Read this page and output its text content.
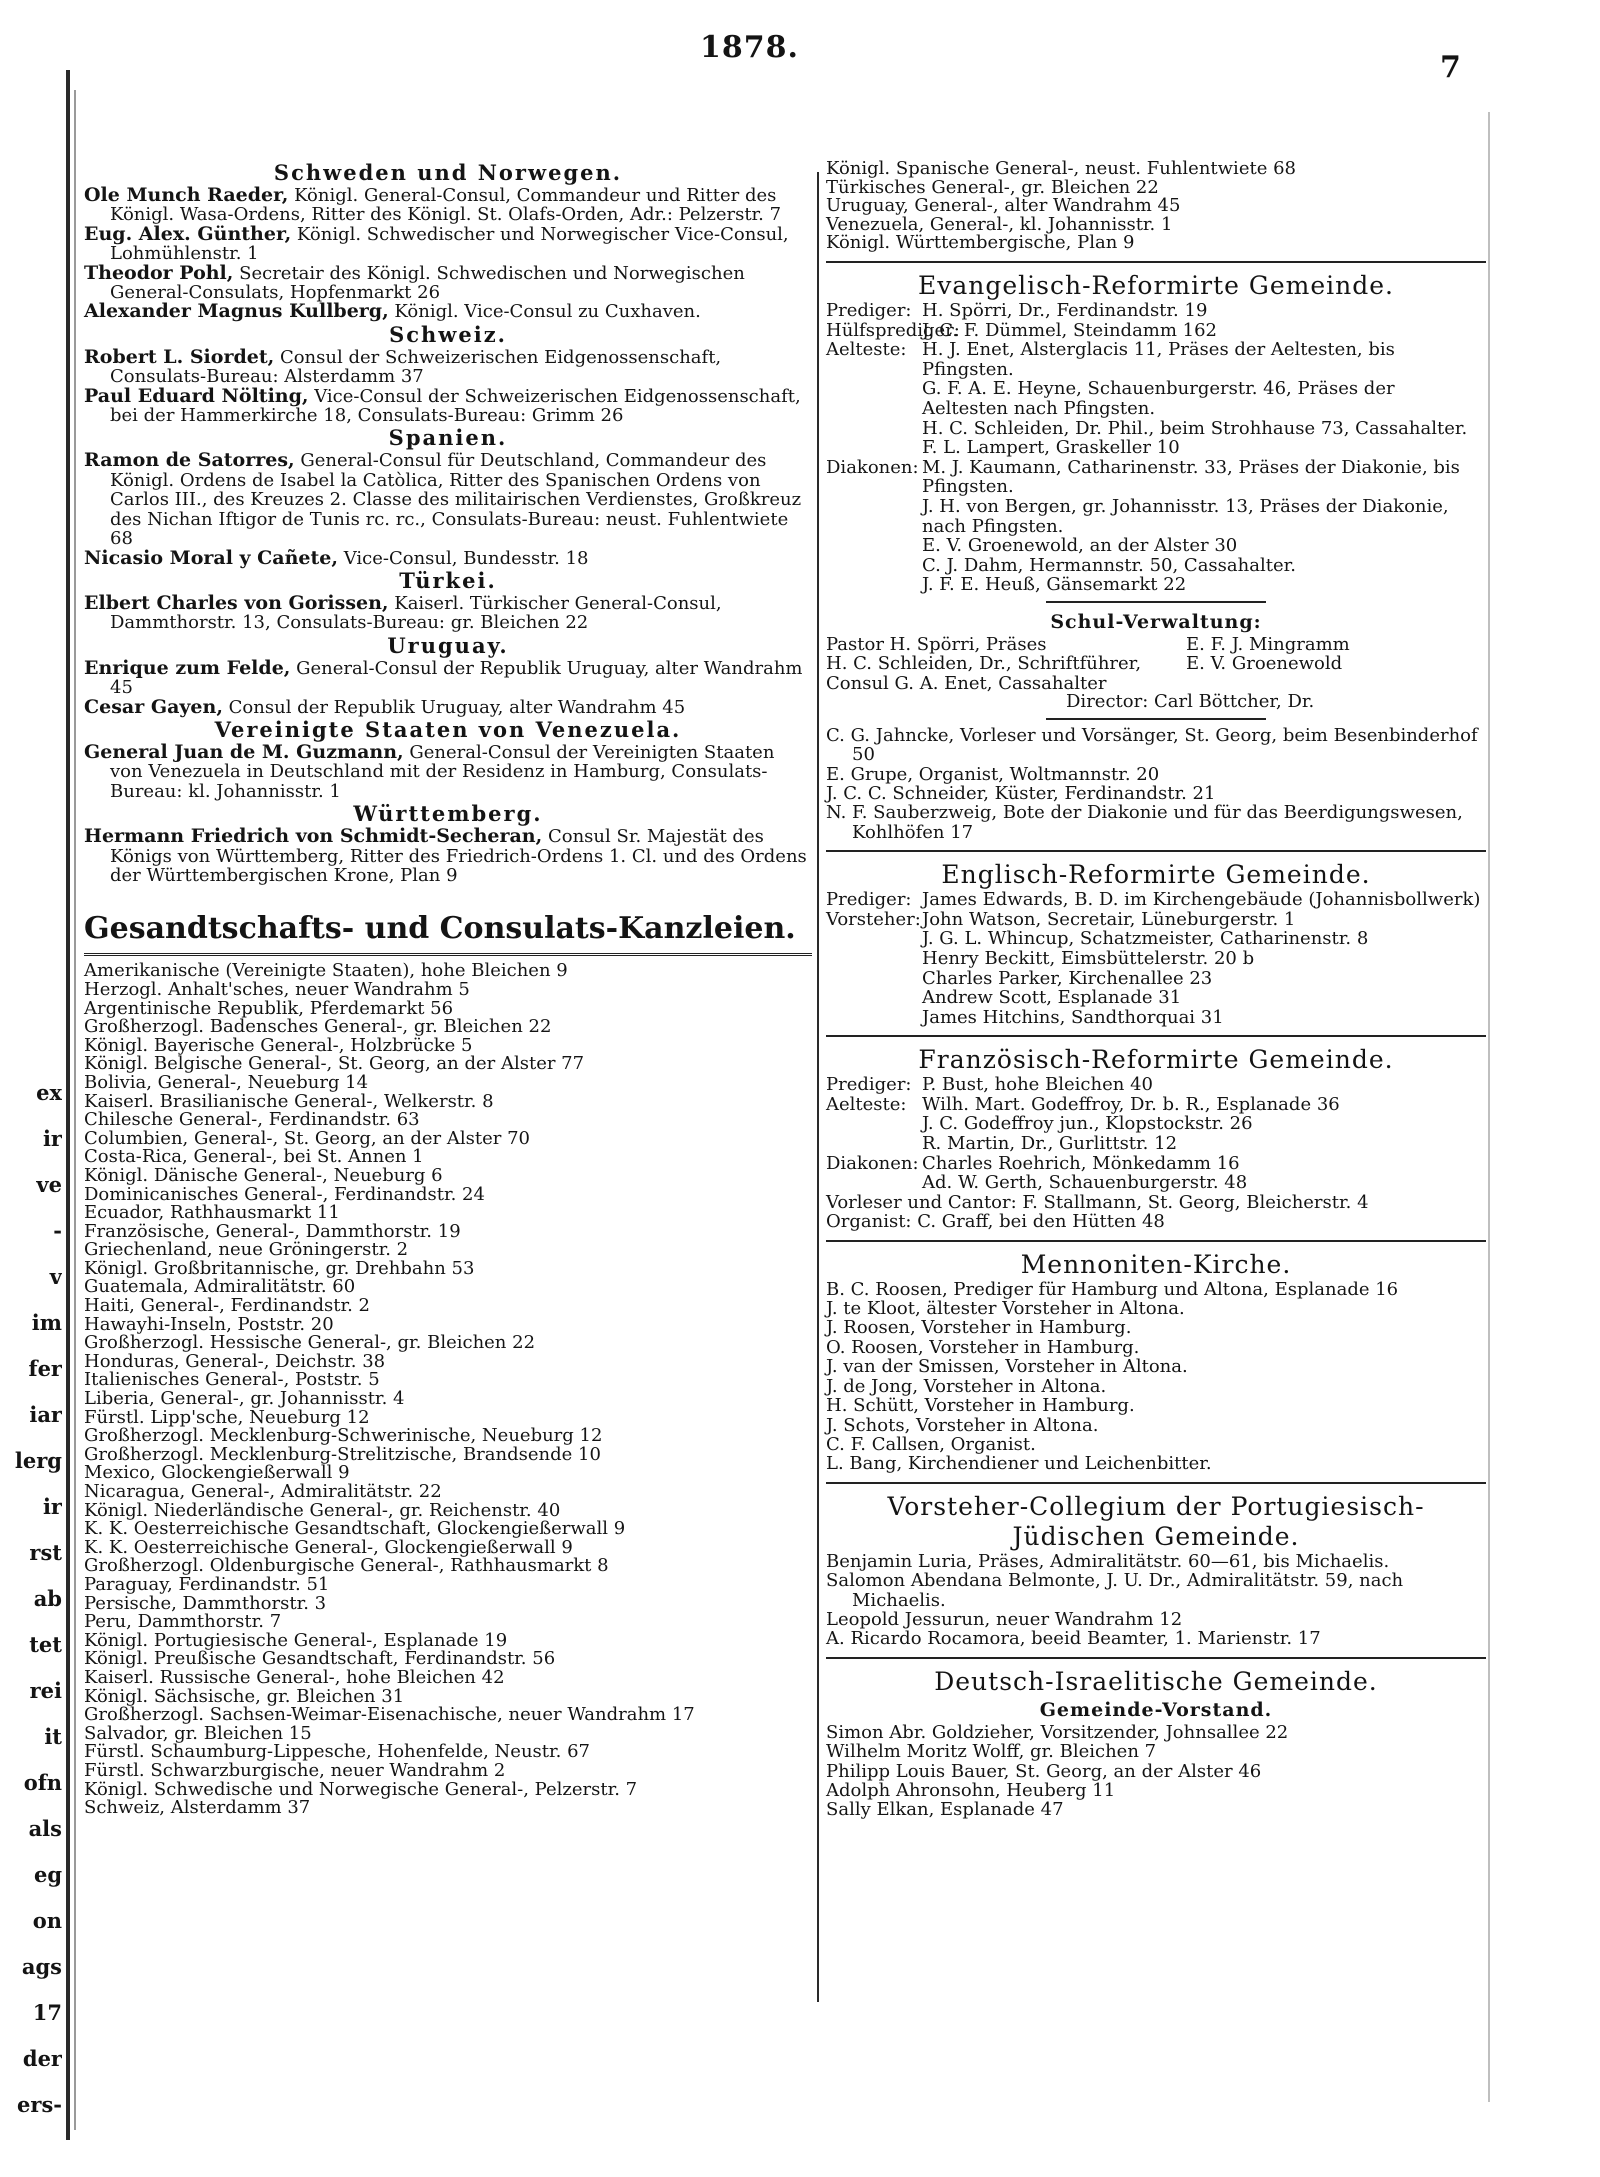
ex
ir
ve
-
v
im
fer
iar
lerg
ir
rst
ab
tet
rei
it
ofn
als
eg
on
ags
17
der
ers-
1878.
7
Schweden und Norwegen.
Ole Munch Raeder, Königl. General-Consul, Commandeur und Ritter des Königl. Wasa-Ordens, Ritter des Königl. St. Olafs-Orden, Adr.: Pelzerstr. 7
Eug. Alex. Günther, Königl. Schwedischer und Norwegischer Vice-Consul, Lohmühlenstr. 1
Theodor Pohl, Secretair des Königl. Schwedischen und Norwegischen General-Consulats, Hopfenmarkt 26
Alexander Magnus Kullberg, Königl. Vice-Consul zu Cuxhaven.
Schweiz.
Robert L. Siordet, Consul der Schweizerischen Eidgenossenschaft, Consulats-Bureau: Alsterdamm 37
Paul Eduard Nölting, Vice-Consul der Schweizerischen Eidgenossenschaft, bei der Hammerkirche 18, Consulats-Bureau: Grimm 26
Spanien.
Ramon de Satorres, General-Consul für Deutschland, Commandeur des Königl. Ordens de Isabel la Catòlica, Ritter des Spanischen Ordens von Carlos III., des Kreuzes 2. Classe des militairischen Verdienstes, Großkreuz des Nichan Iftigor de Tunis rc. rc., Consulats-Bureau: neust. Fuhlentwiete 68
Nicasio Moral y Cañete, Vice-Consul, Bundesstr. 18
Türkei.
Elbert Charles von Gorissen, Kaiserl. Türkischer General-Consul, Dammthorstr. 13, Consulats-Bureau: gr. Bleichen 22
Uruguay.
Enrique zum Felde, General-Consul der Republik Uruguay, alter Wandrahm 45
Cesar Gayen, Consul der Republik Uruguay, alter Wandrahm 45
Vereinigte Staaten von Venezuela.
General Juan de M. Guzmann, General-Consul der Vereinigten Staaten von Venezuela in Deutschland mit der Residenz in Hamburg, Consulats-Bureau: kl. Johannisstr. 1
Württemberg.
Hermann Friedrich von Schmidt-Secheran, Consul Sr. Majestät des Königs von Württemberg, Ritter des Friedrich-Ordens 1. Cl. und des Ordens der Württembergischen Krone, Plan 9
Gesandtschafts- und Consulats-Kanzleien.
Amerikanische (Vereinigte Staaten), hohe Bleichen 9
Herzogl. Anhalt'sches, neuer Wandrahm 5
Argentinische Republik, Pferdemarkt 56
Großherzogl. Badensches General-, gr. Bleichen 22
Königl. Bayerische General-, Holzbrücke 5
Königl. Belgische General-, St. Georg, an der Alster 77
Bolivia, General-, Neueburg 14
Kaiserl. Brasilianische General-, Welkerstr. 8
Chilesche General-, Ferdinandstr. 63
Columbien, General-, St. Georg, an der Alster 70
Costa-Rica, General-, bei St. Annen 1
Königl. Dänische General-, Neueburg 6
Dominicanisches General-, Ferdinandstr. 24
Ecuador, Rathhausmarkt 11
Französische, General-, Dammthorstr. 19
Griechenland, neue Gröningerstr. 2
Königl. Großbritannische, gr. Drehbahn 53
Guatemala, Admiralitätstr. 60
Haiti, General-, Ferdinandstr. 2
Hawayhi-Inseln, Poststr. 20
Großherzogl. Hessische General-, gr. Bleichen 22
Honduras, General-, Deichstr. 38
Italienisches General-, Poststr. 5
Liberia, General-, gr. Johannisstr. 4
Fürstl. Lipp'sche, Neueburg 12
Großherzogl. Mecklenburg-Schwerinische, Neueburg 12
Großherzogl. Mecklenburg-Strelitzische, Brandsende 10
Mexico, Glockengießerwall 9
Nicaragua, General-, Admiralitätstr. 22
Königl. Niederländische General-, gr. Reichenstr. 40
K. K. Oesterreichische Gesandtschaft, Glockengießerwall 9
K. K. Oesterreichische General-, Glockengießerwall 9
Großherzogl. Oldenburgische General-, Rathhausmarkt 8
Paraguay, Ferdinandstr. 51
Persische, Dammthorstr. 3
Peru, Dammthorstr. 7
Königl. Portugiesische General-, Esplanade 19
Königl. Preußische Gesandtschaft, Ferdinandstr. 56
Kaiserl. Russische General-, hohe Bleichen 42
Königl. Sächsische, gr. Bleichen 31
Großherzogl. Sachsen-Weimar-Eisenachische, neuer Wandrahm 17
Salvador, gr. Bleichen 15
Fürstl. Schaumburg-Lippesche, Hohenfelde, Neustr. 67
Fürstl. Schwarzburgische, neuer Wandrahm 2
Königl. Schwedische und Norwegische General-, Pelzerstr. 7
Schweiz, Alsterdamm 37
Königl. Spanische General-, neust. Fuhlentwiete 68
Türkisches General-, gr. Bleichen 22
Uruguay, General-, alter Wandrahm 45
Venezuela, General-, kl. Johannisstr. 1
Königl. Württembergische, Plan 9
Evangelisch-Reformirte Gemeinde.
Prediger: H. Spörri, Dr., Ferdinandstr. 19
Hülfsprediger:
J. C. F. Dümmel, Steindamm 162
Aelteste: H. J. Enet, Alsterglacis 11, Präses der Aeltesten, bis Pfingsten.
G. F. A. E. Heyne, Schauenburgerstr. 46, Präses der Aeltesten nach Pfingsten.
H. C. Schleiden, Dr. Phil., beim Strohhause 73, Cassahalter.
F. L. Lampert, Graskeller 10
Diakonen: M. J. Kaumann, Catharinenstr. 33, Präses der Diakonie, bis Pfingsten.
J. H. von Bergen, gr. Johannisstr. 13, Präses der Diakonie, nach Pfingsten.
E. V. Groenewold, an der Alster 30
C. J. Dahm, Hermannstr. 50, Cassahalter.
J. F. E. Heuß, Gänsemarkt 22
Schul-Verwaltung:
Pastor H. Spörri, Präses
H. C. Schleiden, Dr., Schriftführer,
Consul G. A. Enet, Cassahalter
E. F. J. Mingramm
E. V. Groenewold
Director: Carl Böttcher, Dr.
C. G. Jahncke, Vorleser und Vorsänger, St. Georg, beim Besenbinderhof 50
E. Grupe, Organist, Woltmannstr. 20
J. C. C. Schneider, Küster, Ferdinandstr. 21
N. F. Sauberzweig, Bote der Diakonie und für das Beerdigungswesen, Kohlhöfen 17
Englisch-Reformirte Gemeinde.
Prediger: James Edwards, B. D. im Kirchengebäude (Johannisbollwerk)
Vorsteher: John Watson, Secretair, Lüneburgerstr. 1
J. G. L. Whincup, Schatzmeister, Catharinenstr. 8
Henry Beckitt, Eimsbüttelerstr. 20 b
Charles Parker, Kirchenallee 23
Andrew Scott, Esplanade 31
James Hitchins, Sandthorquai 31
Französisch-Reformirte Gemeinde.
Prediger: P. Bust, hohe Bleichen 40
Aelteste: Wilh. Mart. Godeffroy, Dr. b. R., Esplanade 36
J. C. Godeffroy jun., Klopstockstr. 26
R. Martin, Dr., Gurlittstr. 12
Diakonen: Charles Roehrich, Mönkedamm 16
Ad. W. Gerth, Schauenburgerstr. 48
Vorleser und Cantor: F. Stallmann, St. Georg, Bleicherstr. 4
Organist: C. Graff, bei den Hütten 48
Mennoniten-Kirche.
B. C. Roosen, Prediger für Hamburg und Altona, Esplanade 16
J. te Kloot, ältester Vorsteher in Altona.
J. Roosen, Vorsteher in Hamburg.
O. Roosen, Vorsteher in Hamburg.
J. van der Smissen, Vorsteher in Altona.
J. de Jong, Vorsteher in Altona.
H. Schütt, Vorsteher in Hamburg.
J. Schots, Vorsteher in Altona.
C. F. Callsen, Organist.
L. Bang, Kirchendiener und Leichenbitter.
Vorsteher-Collegium der Portugiesisch-Jüdischen Gemeinde.
Benjamin Luria, Präses, Admiralitätstr. 60—61, bis Michaelis.
Salomon Abendana Belmonte, J. U. Dr., Admiralitätstr. 59, nach Michaelis.
Leopold Jessurun, neuer Wandrahm 12
A. Ricardo Rocamora, beeid Beamter, 1. Marienstr. 17
Deutsch-Israelitische Gemeinde.
Gemeinde-Vorstand.
Simon Abr. Goldzieher, Vorsitzender, Johnsallee 22
Wilhelm Moritz Wolff, gr. Bleichen 7
Philipp Louis Bauer, St. Georg, an der Alster 46
Adolph Ahronsohn, Heuberg 11
Sally Elkan, Esplanade 47
